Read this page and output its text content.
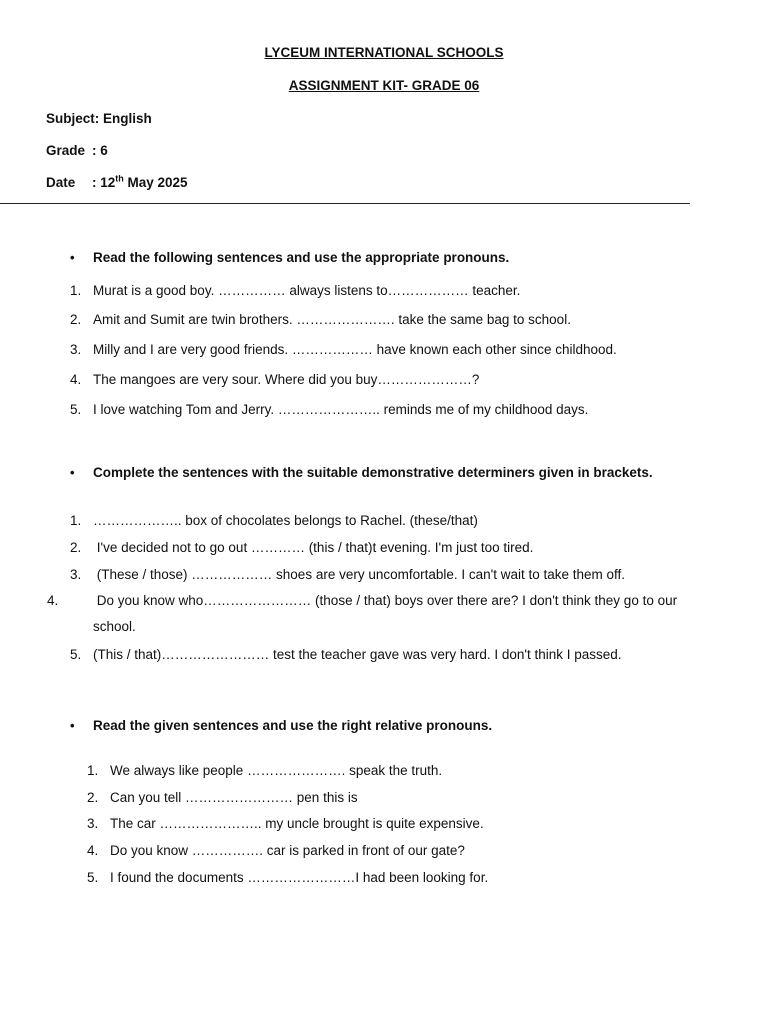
LYCEUM INTERNATIONAL SCHOOLS
ASSIGNMENT KIT- GRADE 06
Subject: English
Grade : 6
Date : 12th May 2025
• Read the following sentences and use the appropriate pronouns.
1. Murat is a good boy. …………… always listens to……………… teacher.
2. Amit and Sumit are twin brothers. …………………. take the same bag to school.
3. Milly and I are very good friends. ……………… have known each other since childhood.
4. The mangoes are very sour. Where did you buy…………………?
5. I love watching Tom and Jerry. ………………….. reminds me of my childhood days.
• Complete the sentences with the suitable demonstrative determiners given in brackets.
1. ……………….. box of chocolates belongs to Rachel. (these/that)
2. I've decided not to go out ………… (this / that)t evening. I'm just too tired.
3. (These / those) ……………… shoes are very uncomfortable. I can't wait to take them off.
4.	Do you know who…………………… (those / that) boys over there are? I don't think they go to our school.
5. (This / that)…………………… test the teacher gave was very hard. I don't think I passed.
• Read the given sentences and use the right relative pronouns.
1. We always like people …………………. speak the truth.
2. Can you tell …………………… pen this is
3. The car ………………….. my uncle brought is quite expensive.
4. Do you know ……………. car is parked in front of our gate?
5. I found the documents ……………………I had been looking for.
